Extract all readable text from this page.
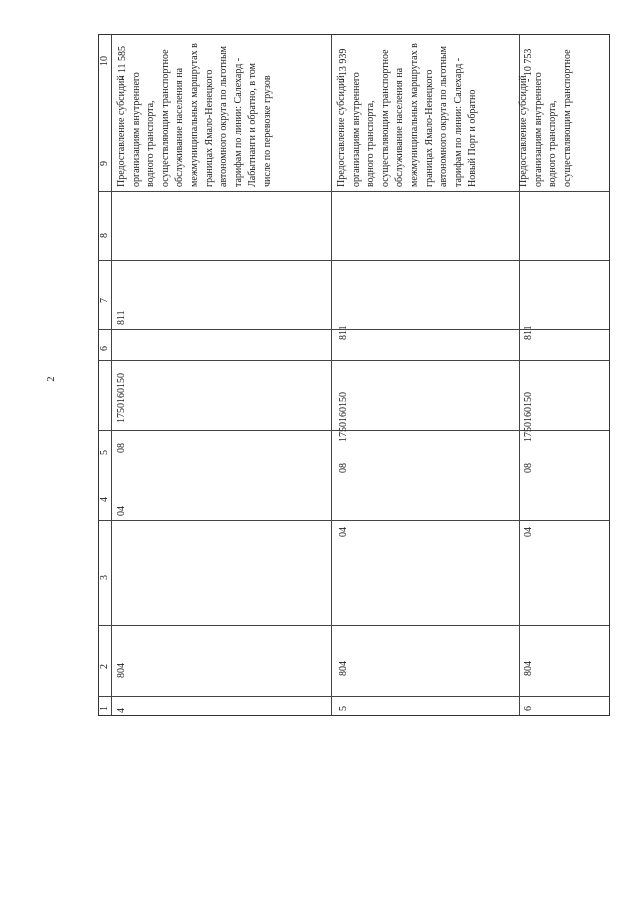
2
10
9
8
7
6
5
4
3
2
1
- 11 585
Предоставление субсидий организациям внутреннего водного транспорта, осуществляющим транспортное обслуживание населения на межмуниципальных маршрутах в границах Ямало-Ненецкого автономного округа по льготным тарифам по линии: Салехард - Лабытнанги и обратно, в том числе по перевозке грузов
811
1750160150
08
04
804
4
- 13 939
Предоставление субсидий организациям внутреннего водного транспорта, осуществляющим транспортное обслуживание населения на межмуниципальных маршрутах в границах Ямало-Ненецкого автономного округа по льготным тарифам по линии: Салехард - Новый Порт и обратно
811
1750160150
08
04
804
5
- 10 753
Предоставление субсидий организациям внутреннего водного транспорта, осуществляющим транспортное
811
1750160150
08
04
804
6
